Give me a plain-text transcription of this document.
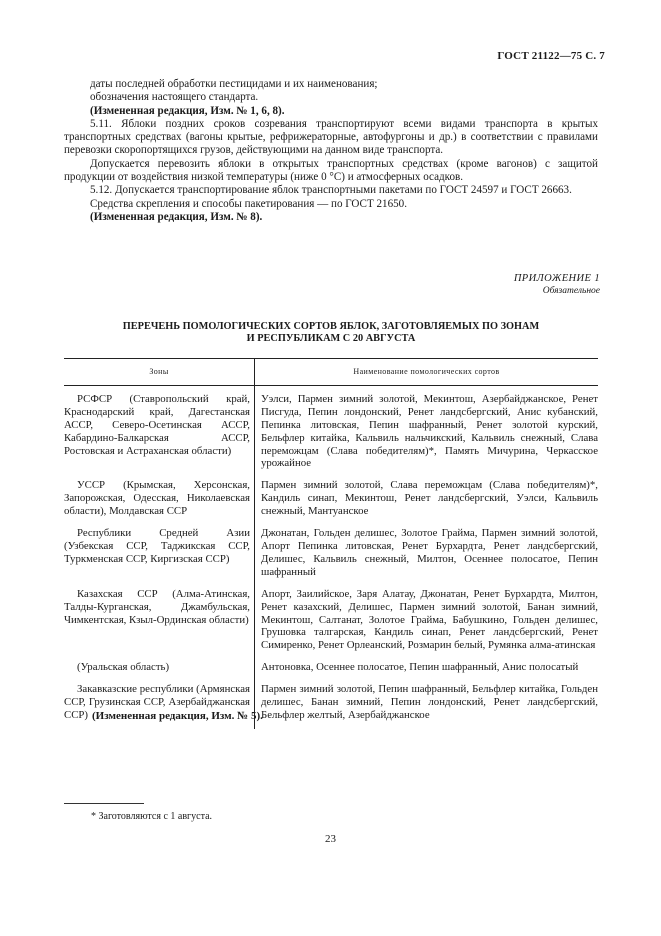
ГОСТ 21122—75 С. 7

даты последней обработки пестицидами и их наименования;

обозначения настоящего стандарта.

(Измененная редакция, Изм. № 1, 6, 8).

5.11. Яблоки поздних сроков созревания транспортируют всеми видами транспорта в крытых транспортных средствах (вагоны крытые, рефрижераторные, автофургоны и др.) в соответствии с правилами перевозки скоропортящихся грузов, действующими на данном виде транспорта.

Допускается перевозить яблоки в открытых транспортных средствах (кроме вагонов) с защитой продукции от воздействия низкой температуры (ниже 0 °С) и атмосферных осадков.

5.12. Допускается транспортирование яблок транспортными пакетами по ГОСТ 24597 и ГОСТ 26663.

Средства скрепления и способы пакетирования — по ГОСТ 21650.

(Измененная редакция, Изм. № 8).

ПРИЛОЖЕНИЕ 1
Обязательное
ПЕРЕЧЕНЬ ПОМОЛОГИЧЕСКИХ СОРТОВ ЯБЛОК, ЗАГОТОВЛЯЕМЫХ ПО ЗОНАМ
И РЕСПУБЛИКАМ С 20 АВГУСТА
Зоны	Наименование помологических сортов

РСФСР (Ставропольский край, Краснодарский край, Дагестанская АССР, Северо-Осетинская АССР, Кабардино-Балкарская АССР, Ростовская и Астраханская области)	Уэлси, Пармен зимний золотой, Мекинтош, Азербайджанское, Ренет Писгуда, Пепин лондонский, Ренет ландсбергский, Анис кубанский, Пепинка литовская, Пепин шафранный, Ренет золотой курский, Бельфлер китайка, Кальвиль нальчикский, Кальвиль снежный, Слава переможцам (Слава победителям)*, Память Мичурина, Черкасское урожайное

УССР (Крымская, Херсонская, Запорожская, Одесская, Николаевская области), Молдавская ССР	Пармен зимний золотой, Слава переможцам (Слава победителям)*, Кандиль синап, Мекинтош, Ренет ландсбергский, Уэлси, Кальвиль снежный, Мантуанское

Республики Средней Азии (Узбекская ССР, Таджикская ССР, Туркменская ССР, Киргизская ССР)	Джонатан, Гольден делишес, Золотое Грайма, Пармен зимний золотой, Апорт Пепинка литовская, Ренет Бурхардта, Ренет ландсбергский, Делишес, Кальвиль снежный, Милтон, Осеннее полосатое, Пепин шафранный

Казахская ССР (Алма-Атинская, Талды-Курганская, Джамбульская, Чимкентская, Кзыл-Ординская области)	Апорт, Заилийское, Заря Алатау, Джонатан, Ренет Бурхардта, Милтон, Ренет казахский, Делишес, Пармен зимний золотой, Банан зимний, Мекинтош, Салтанат, Золотое Грайма, Бабушкино, Гольден делишес, Грушовка талгарская, Кандиль синап, Ренет ландсбергский, Ренет Симиренко, Ренет Орлеанский, Розмарин белый, Румянка алма-атинская

(Уральская область)	Антоновка, Осеннее полосатое, Пепин шафранный, Анис полосатый

Закавказские республики (Армянская ССР, Грузинская ССР, Азербайджанская ССР)	Пармен зимний золотой, Пепин шафранный, Бельфлер китайка, Гольден делишес, Банан зимний, Пепин лондонский, Ренет ландсбергский, Бельфлер желтый, Азербайджанское
(Измененная редакция, Изм. № 5).
* Заготовляются с 1 августа.
23
